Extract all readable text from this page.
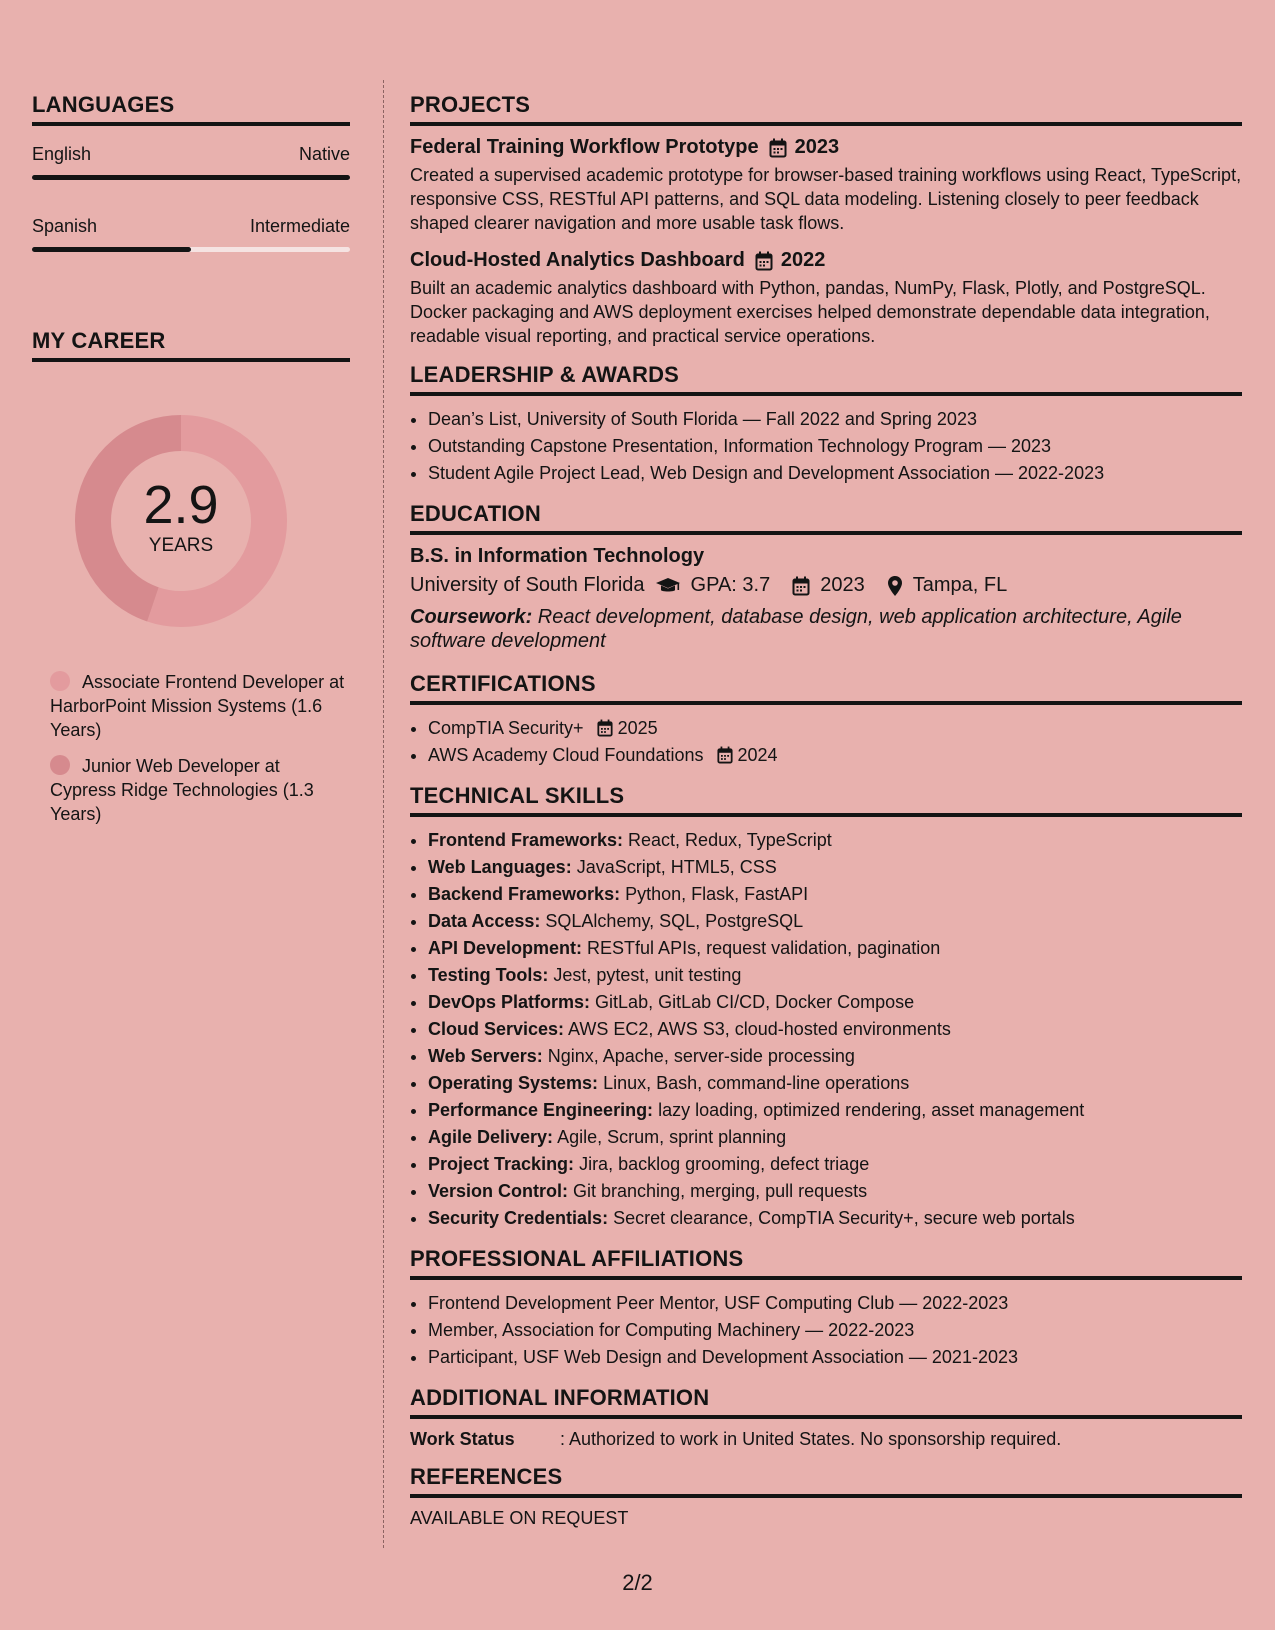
LANGUAGES
English	Native
Spanish	Intermediate
MY CAREER
2.9
YEARS
Associate Frontend Developer at HarborPoint Mission Systems (1.6 Years)
Junior Web Developer at Cypress Ridge Technologies (1.3 Years)
PROJECTS
Federal Training Workflow Prototype 2023
Created a supervised academic prototype for browser-based training workflows using React, TypeScript, responsive CSS, RESTful API patterns, and SQL data modeling. Listening closely to peer feedback shaped clearer navigation and more usable task flows.
Cloud-Hosted Analytics Dashboard 2022
Built an academic analytics dashboard with Python, pandas, NumPy, Flask, Plotly, and PostgreSQL. Docker packaging and AWS deployment exercises helped demonstrate dependable data integration, readable visual reporting, and practical service operations.
LEADERSHIP & AWARDS
• Dean’s List, University of South Florida — Fall 2022 and Spring 2023
• Outstanding Capstone Presentation, Information Technology Program — 2023
• Student Agile Project Lead, Web Design and Development Association — 2022-2023
EDUCATION
B.S. in Information Technology
University of South Florida GPA: 3.7	2023 Tampa, FL
Coursework: React development, database design, web application architecture, Agile software development
CERTIFICATIONS
• CompTIA Security+ 2025
• AWS Academy Cloud Foundations 2024
TECHNICAL SKILLS
• Frontend Frameworks: React, Redux, TypeScript
• Web Languages: JavaScript, HTML5, CSS
• Backend Frameworks: Python, Flask, FastAPI
• Data Access: SQLAlchemy, SQL, PostgreSQL
• API Development: RESTful APIs, request validation, pagination
• Testing Tools: Jest, pytest, unit testing
• DevOps Platforms: GitLab, GitLab CI/CD, Docker Compose
• Cloud Services: AWS EC2, AWS S3, cloud-hosted environments
• Web Servers: Nginx, Apache, server-side processing
• Operating Systems: Linux, Bash, command-line operations
• Performance Engineering: lazy loading, optimized rendering, asset management
• Agile Delivery: Agile, Scrum, sprint planning
• Project Tracking: Jira, backlog grooming, defect triage
• Version Control: Git branching, merging, pull requests
• Security Credentials: Secret clearance, CompTIA Security+, secure web portals
PROFESSIONAL AFFILIATIONS
• Frontend Development Peer Mentor, USF Computing Club — 2022-2023
• Member, Association for Computing Machinery — 2022-2023
• Participant, USF Web Design and Development Association — 2021-2023
ADDITIONAL INFORMATION
Work Status	: Authorized to work in United States. No sponsorship required.
REFERENCES
AVAILABLE ON REQUEST
2/2
